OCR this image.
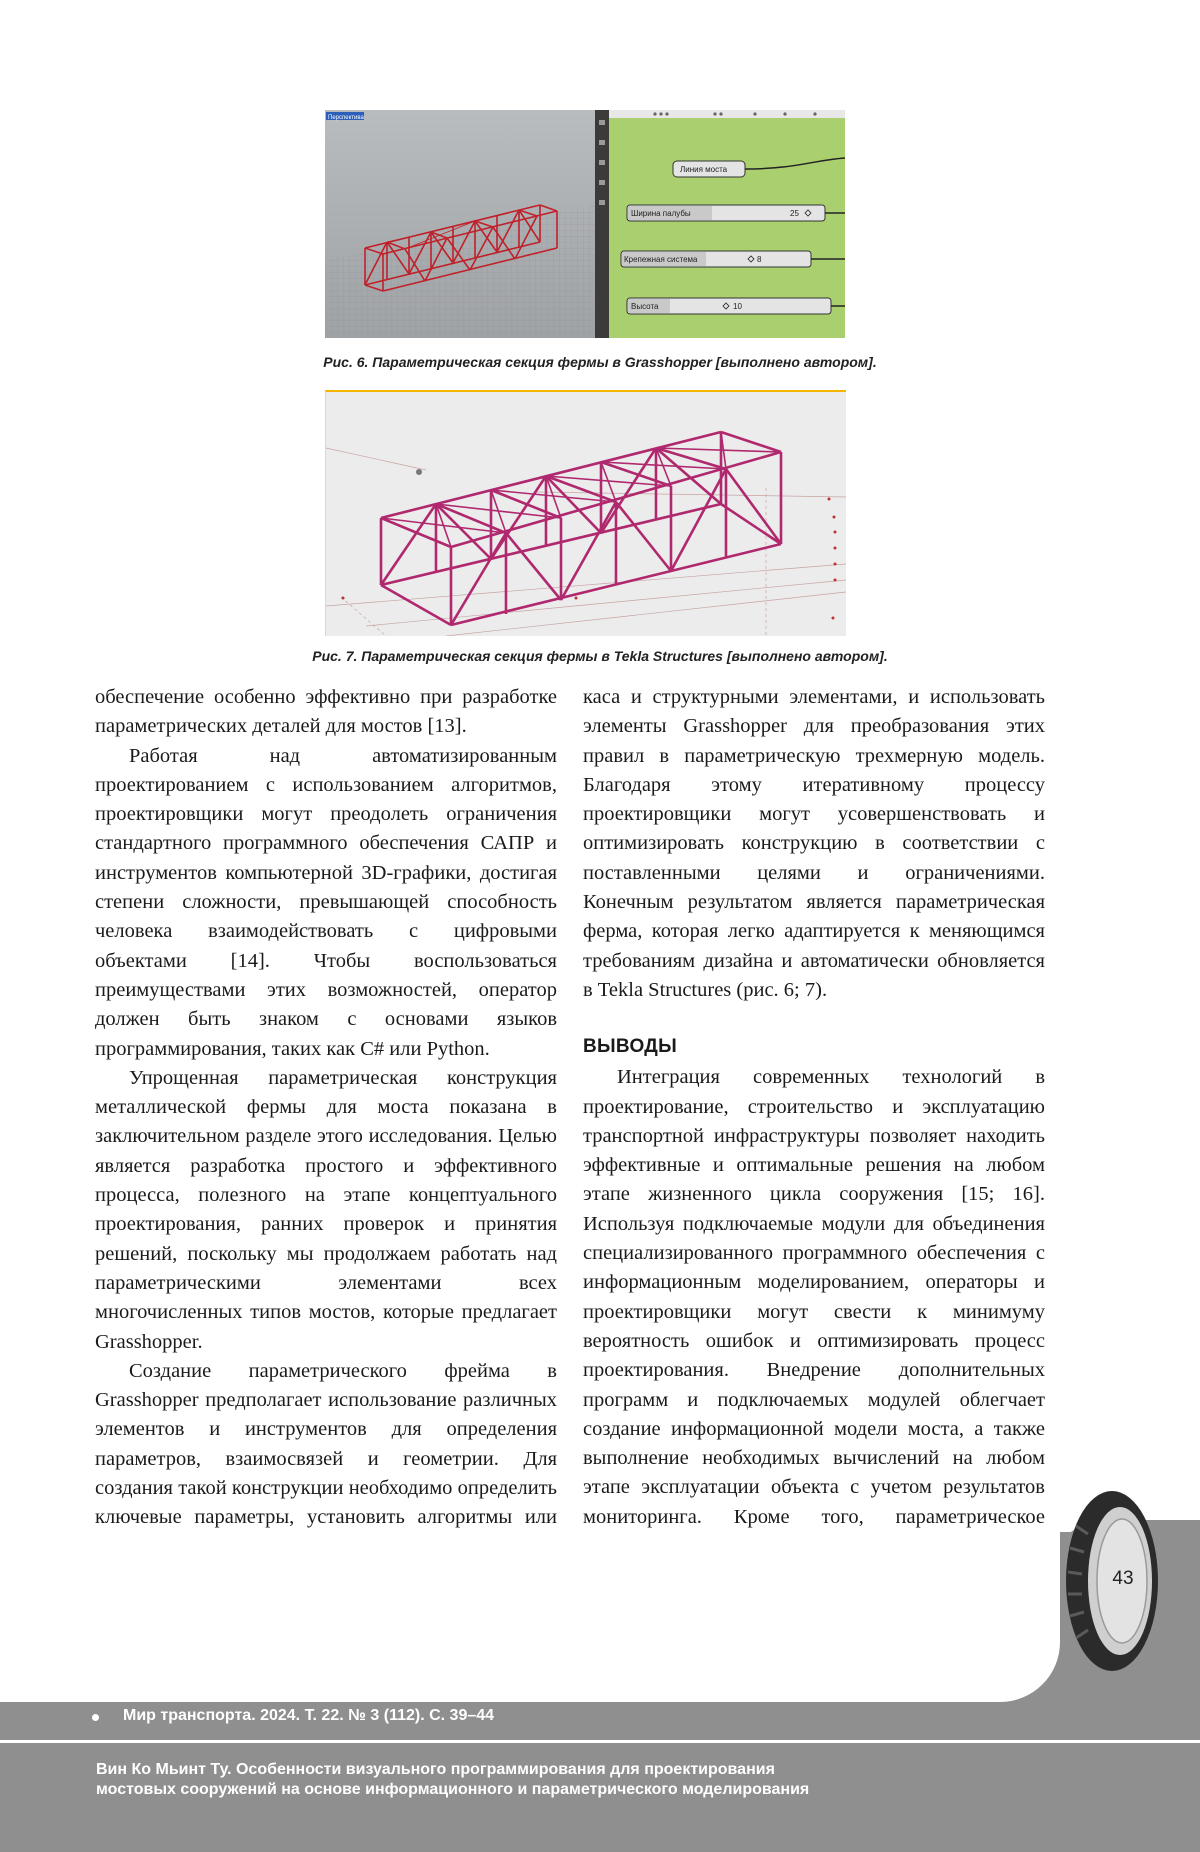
Перспектива
Линия моста
Ширина палубы	25
Крепежная система	8
Высота	10
Рис. 6. Параметрическая секция фермы в Grasshopper [выполнено автором].
Рис. 7. Параметрическая секция фермы в Tekla Structures [выполнено автором].

обеспечение особенно эффективно при разработке параметрических деталей для мостов [13].

Работая над автоматизированным проектированием с использованием алгоритмов, проектировщики могут преодолеть ограничения стандартного программного обеспечения САПР и инструментов компьютерной 3D-графики, достигая степени сложности, превышающей способность человека взаимодействовать с цифровыми объектами [14]. Чтобы воспользоваться преимуществами этих возможностей, оператор должен быть знаком с основами языков программирования, таких как C# или Python.

Упрощенная параметрическая конструкция металлической фермы для моста показана в заключительном разделе этого исследования. Целью является разработка простого и эффективного процесса, полезного на этапе концептуального проектирования, ранних проверок и принятия решений, поскольку мы продолжаем работать над параметрическими элементами всех многочисленных типов мостов, которые предлагает Grasshopper.

Создание параметрического фрейма в Grasshopper предполагает использование различных элементов и инструментов для определения параметров, взаимосвязей и геометрии. Для создания такой конструкции необходимо определить ключевые параметры, установить алгоритмы или

каса и структурными элементами, и использовать элементы Grasshopper для преобразования этих правил в параметрическую трехмерную модель. Благодаря этому итеративному процессу проектировщики могут усовершенствовать и оптимизировать конструкцию в соответствии с поставленными целями и ограничениями. Конечным результатом является параметрическая ферма, которая легко адаптируется к меняющимся требованиям дизайна и автоматически обновляется в Tekla Structures (рис. 6; 7).

ВЫВОДЫ

Интеграция современных технологий в проектирование, строительство и эксплуатацию транспортной инфраструктуры позволяет находить эффективные и оптимальные решения на любом этапе жизненного цикла сооружения [15; 16]. Используя подключаемые модули для объединения специализированного программного обеспечения с информационным моделированием, операторы и проектировщики могут свести к минимуму вероятность ошибок и оптимизировать процесс проектирования. Внедрение дополнительных программ и подключаемых модулей облегчает создание информационной модели моста, а также выполнение необходимых вычислений на любом этапе эксплуатации объекта с учетом результатов мониторинга. Кроме того, параметрическое

43
Мир транспорта. 2024. Т. 22. № 3 (112). С. 39–44
Вин Ко Мьинт Ту. Особенности визуального программирования для проектирования
мостовых сооружений на основе информационного и параметрического моделирования
